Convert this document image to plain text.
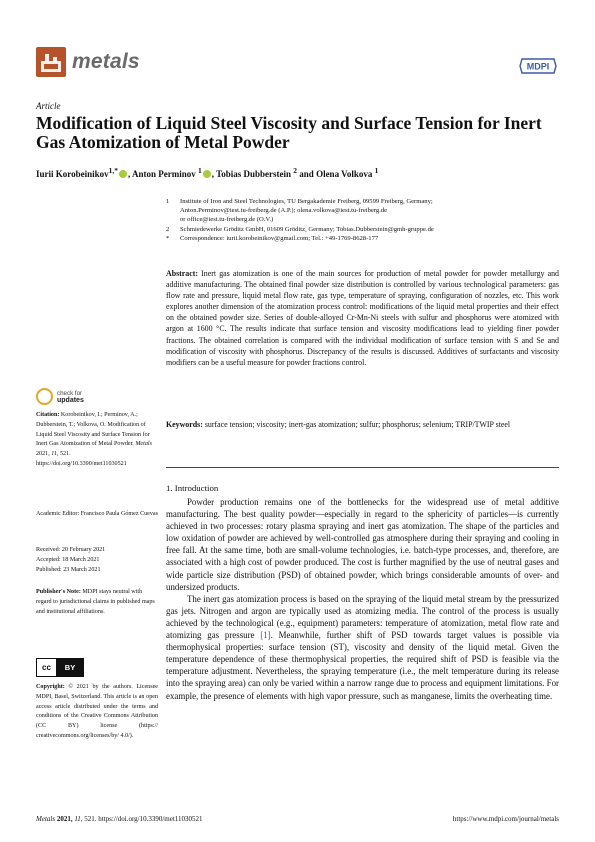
metals	MDPI
Article
Modification of Liquid Steel Viscosity and Surface Tension for Inert Gas Atomization of Metal Powder
Iurii Korobeinikov$^{1,*}$ , Anton Perminov $^1$ , Tobias Dubberstein $^2$ and Olena Volkova $^1$
1	Institute of Iron and Steel Technologies, TU Bergakademie Freiberg, 09599 Freiberg, Germany;
Anton.Perminov@iest.tu-freiberg.de (A.P.); olena.volkova@iest.tu-freiberg.de
or office@iest.tu-freiberg.de (O.V.)
2	Schmiedewerke Gröditz GmbH, 01609 Gröditz, Germany; Tobias.Dubberstein@gmh-gruppe.de
*	Correspondence: iurii.korobeinikov@gmail.com; Tel.: +49-1769-8628-177
Abstract: Inert gas atomization is one of the main sources for production of metal powder for powder metallurgy and additive manufacturing. The obtained final powder size distribution is controlled by various technological parameters: gas flow rate and pressure, liquid metal flow rate, gas type, temperature of spraying, configuration of nozzles, etc. This work explores another dimension of the atomization process control: modifications of the liquid metal properties and their effect on the obtained powder size. Series of double-alloyed Cr-Mn-Ni steels with sulfur and phosphorus were atomized with argon at 1600 °C. The results indicate that surface tension and viscosity modifications lead to yielding finer powder fractions. The obtained correlation is compared with the individual modification of surface tension with S and Se and modification of viscosity with phosphorus. Discrepancy of the results is discussed. Additives of surfactants and viscosity modifiers can be a useful measure for powder fractions control.
Keywords: surface tension; viscosity; inert-gas atomization; sulfur; phosphorus; selenium; TRIP/TWIP steel
1. Introduction

Powder production remains one of the bottlenecks for the widespread use of metal additive manufacturing. The best quality powder—especially in regard to the sphericity of particles—is currently achieved in two processes: rotary plasma spraying and inert gas atomization. The shape of the particles and low oxidation of powder are achieved by well-controlled gas atmosphere during their spraying and cooling in free fall. At the same time, both are small-volume technologies, i.e. batch-type processes, and, therefore, are associated with a high cost of powder produced. The cost is further magnified by the use of neutral gases and wide particle size distribution (PSD) of obtained powder, which brings considerable amounts of over- and undersized products.

The inert gas atomization process is based on the spraying of the liquid metal stream by the pressurized gas jets. Nitrogen and argon are typically used as atomizing media. The control of the process is usually achieved by the technological (e.g., equipment) parameters: temperature of atomization, metal flow rate and atomizing gas pressure [1]. Meanwhile, further shift of PSD towards target values is possible via thermophysical properties: surface tension (ST), viscosity and density of the liquid metal. Given the temperature dependence of these thermophysical properties, the required shift of PSD is feasible via the temperature adjustment. Nevertheless, the spraying temperature (i.e., the melt temperature during its release into the spraying area) can only be varied within a narrow range due to process and equipment limitations. For example, the presence of elements with high vapor pressure, such as manganese, limits the overheating time.

check for
updates
Citation: Korobeinikov, I.; Perminov, A.; Dubberstein, T.; Volkova, O. Modification of Liquid Steel Viscosity and Surface Tension for Inert Gas Atomization of Metal Powder. Metals 2021, 11, 521. https://doi.org/10.3390/met11030521
Academic Editor: Francisco Paula Gómez Cuevas
Received: 20 February 2021
Accepted: 18 March 2021
Published: 23 March 2021
Publisher's Note: MDPI stays neutral with regard to jurisdictional claims in published maps and institutional affiliations.
cc	BY
Copyright: © 2021 by the authors. Licensee MDPI, Basel, Switzerland. This article is an open access article distributed under the terms and conditions of the Creative Commons Attribution (CC BY) license (https:// creativecommons.org/licenses/by/ 4.0/).
Metals 2021, 11, 521. https://doi.org/10.3390/met11030521	https://www.mdpi.com/journal/metals
